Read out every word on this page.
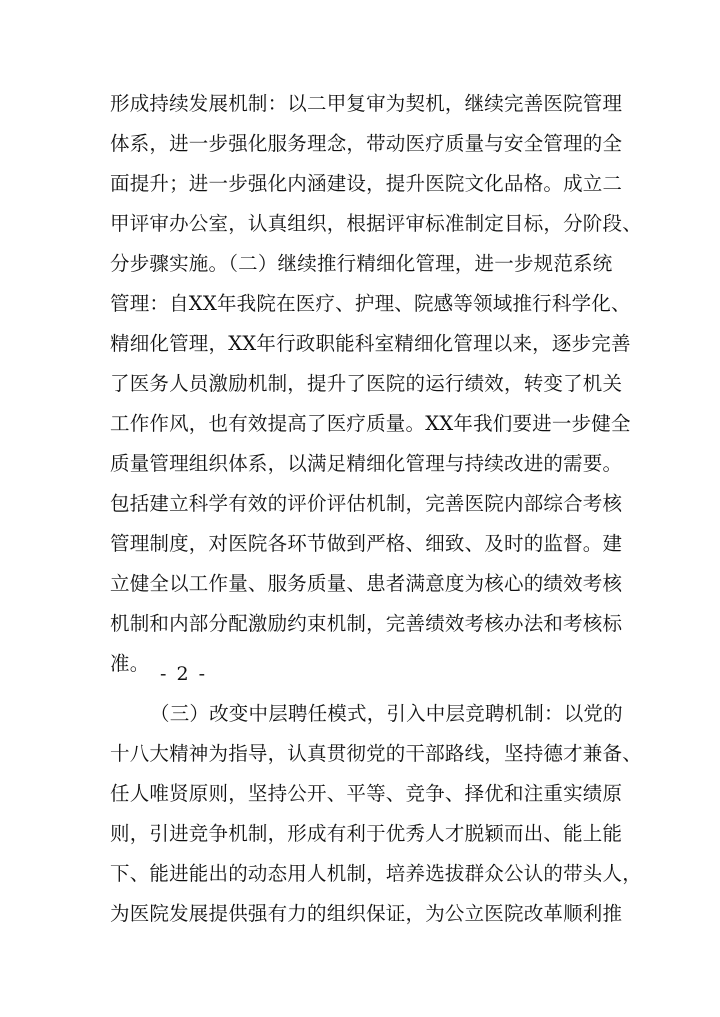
形成持续发展机制：以二甲复审为契机，继续完善医院管理
体系，进一步强化服务理念，带动医疗质量与安全管理的全
面提升；进一步强化内涵建设，提升医院文化品格。成立二
甲评审办公室，认真组织，根据评审标准制定目标，分阶段、
分步骤实施。（二）继续推行精细化管理，进一步规范系统
管理：自XX年我院在医疗、护理、院感等领域推行科学化、
精细化管理，XX年行政职能科室精细化管理以来，逐步完善
了医务人员激励机制，提升了医院的运行绩效，转变了机关
工作作风，也有效提高了医疗质量。XX年我们要进一步健全
质量管理组织体系，以满足精细化管理与持续改进的需要。
包括建立科学有效的评价评估机制，完善医院内部综合考核
管理制度，对医院各环节做到严格、细致、及时的监督。建
立健全以工作量、服务质量、患者满意度为核心的绩效考核
机制和内部分配激励约束机制，完善绩效考核办法和考核标
准。 - 2 -
（三）改变中层聘任模式，引入中层竞聘机制：以党的
十八大精神为指导，认真贯彻党的干部路线，坚持德才兼备、
任人唯贤原则，坚持公开、平等、竞争、择优和注重实绩原
则，引进竞争机制，形成有利于优秀人才脱颖而出、能上能
下、能进能出的动态用人机制，培养选拔群众公认的带头人，
为医院发展提供强有力的组织保证，为公立医院改革顺利推
